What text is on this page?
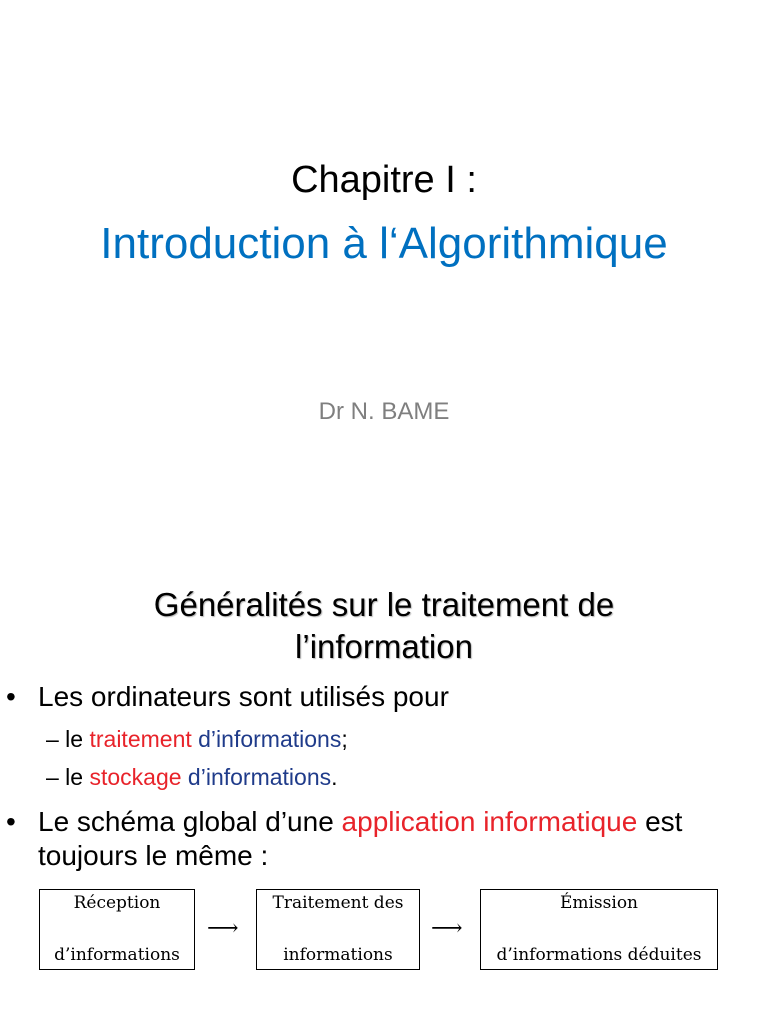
Chapitre I :
Introduction à l‘Algorithmique
Dr N. BAME
Généralités sur le traitement de
l’information
• Les ordinateurs sont utilisés pour
– le traitement d’informations;
– le stockage d’informations.
• Le schéma global d’une application informatique est toujours le même :
Réception
d’informations
⟶
Traitement des
informations
⟶
Émission
d’informations déduites
